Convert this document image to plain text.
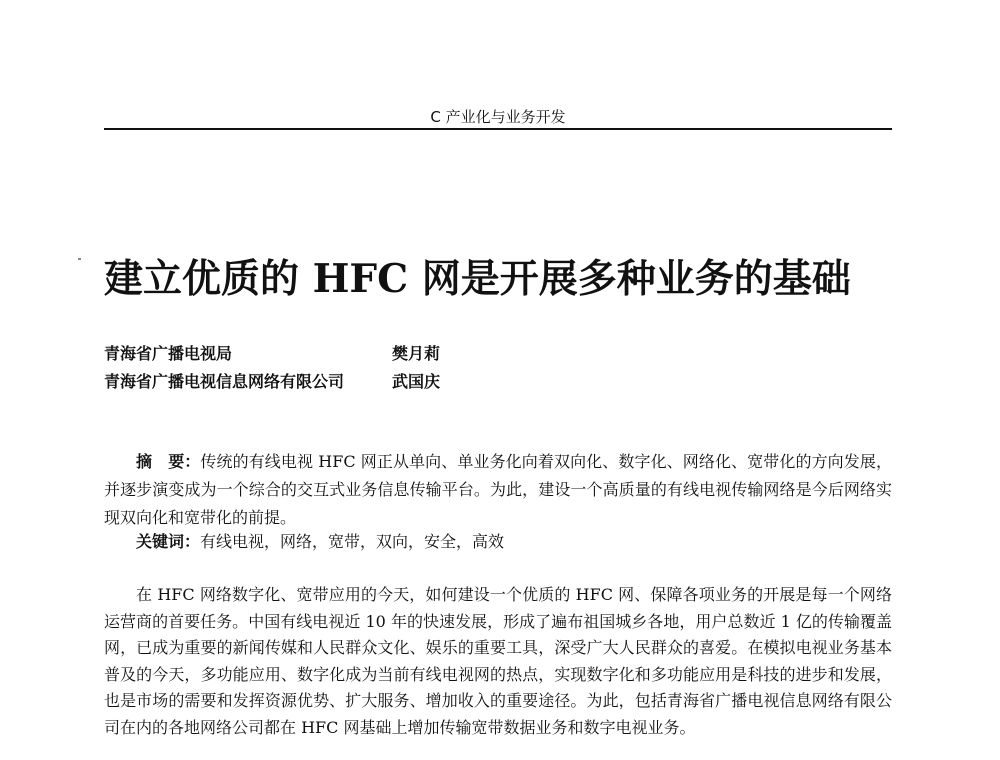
C 产业化与业务开发
建立优质的 HFC 网是开展多种业务的基础
青海省广播电视局	樊月莉
青海省广播电视信息网络有限公司	武国庆

摘　要：传统的有线电视 HFC 网正从单向、单业务化向着双向化、数字化、网络化、宽带化的方向发展，并逐步演变成为一个综合的交互式业务信息传输平台。为此，建设一个高质量的有线电视传输网络是今后网络实现双向化和宽带化的前提。

关键词：有线电视，网络，宽带，双向，安全，高效

在 HFC 网络数字化、宽带应用的今天，如何建设一个优质的 HFC 网、保障各项业务的开展是每一个网络运营商的首要任务。中国有线电视近 10 年的快速发展，形成了遍布祖国城乡各地，用户总数近 1 亿的传输覆盖网，已成为重要的新闻传媒和人民群众文化、娱乐的重要工具，深受广大人民群众的喜爱。在模拟电视业务基本普及的今天，多功能应用、数字化成为当前有线电视网的热点，实现数字化和多功能应用是科技的进步和发展，也是市场的需要和发挥资源优势、扩大服务、增加收入的重要途径。为此，包括青海省广播电视信息网络有限公司在内的各地网络公司都在 HFC 网基础上增加传输宽带数据业务和数字电视业务。
